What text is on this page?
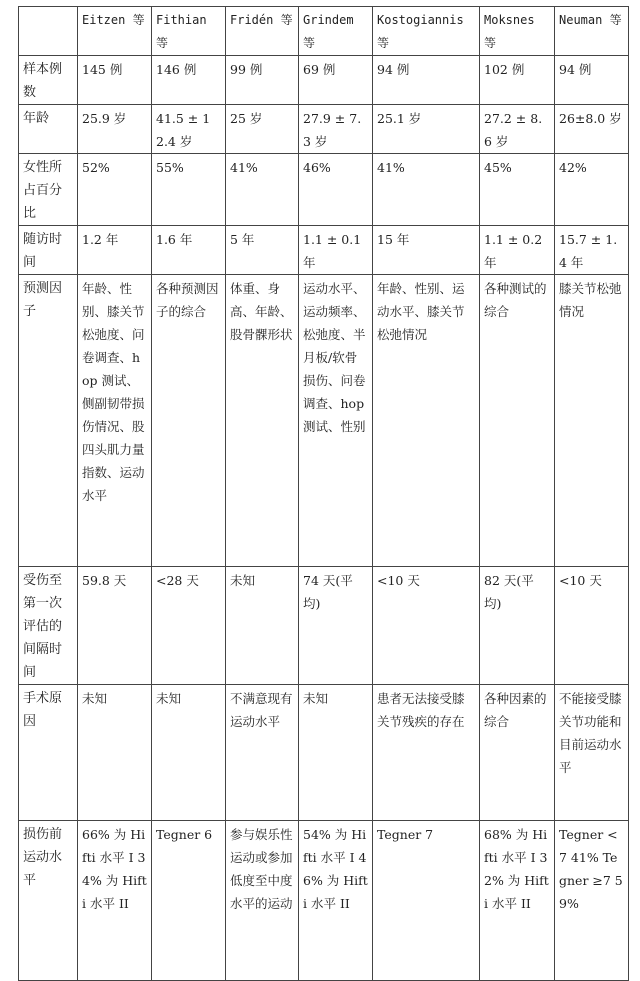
	Eitzen 等	Fithian 等	Fridén 等	Grindem 等	Kostogiannis 等	Moksnes 等	Neuman 等
样本例数	145 例	146 例	99 例	69 例	94 例	102 例	94 例
年龄	25.9 岁	41.5 ± 12.4 岁	25 岁	27.9 ± 7.3 岁	25.1 岁	27.2 ± 8.6 岁	26±8.0 岁
女性所占百分比	52%	55%	41%	46%	41%	45%	42%
随访时间	1.2 年	1.6 年	5 年	1.1 ± 0.1 年	15 年	1.1 ± 0.2 年	15.7 ± 1.4 年
预测因子	年龄、性别、膝关节松弛度、问卷调查、hop 测试、侧副韧带损伤情况、股四头肌力量指数、运动水平	各种预测因子的综合	体重、身高、年龄、股骨髁形状	运动水平、运动频率、松弛度、半月板/软骨损伤、问卷调查、hop 测试、性别	年龄、性别、运动水平、膝关节松弛情况	各种测试的综合	膝关节松弛情况
受伤至第一次评估的间隔时间	59.8 天	<28 天	未知	74 天(平均)	<10 天	82 天(平均)	<10 天
手术原因	未知	未知	不满意现有运动水平	未知	患者无法接受膝关节残疾的存在	各种因素的综合	不能接受膝关节功能和目前运动水平
损伤前运动水平	66% 为 Hifti 水平 I 34% 为 Hifti 水平 II	Tegner 6	参与娱乐性运动或参加低度至中度水平的运动	54% 为 Hifti 水平 I 46% 为 Hifti 水平 II	Tegner 7	68% 为 Hifti 水平 I 32% 为 Hifti 水平 II	Tegner <7 41% Tegner ≥7 59%
